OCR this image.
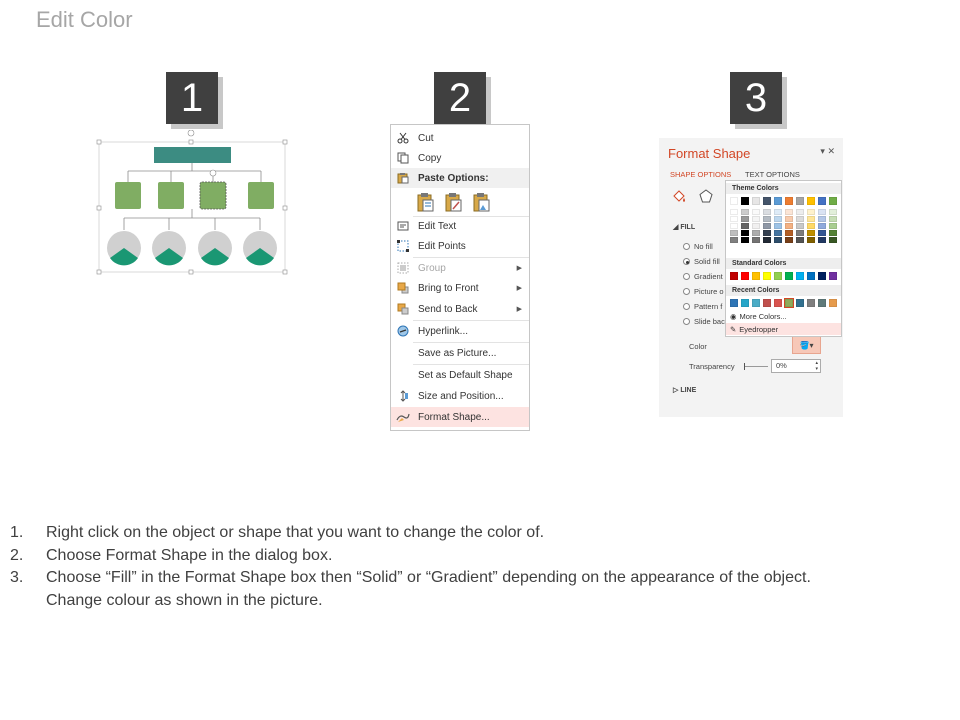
Edit Color
1	2	3
Cut
Copy
Paste Options:
Edit Text
Edit Points
Group	▶
Bring to Front	▶
Send to Back	▶
Hyperlink...
Save as Picture...
Set as Default Shape
Size and Position...
Format Shape...
Format Shape	▾ ✕
SHAPE OPTIONS TEXT OPTIONS
◢ FILL
No fill
Solid fill
Gradient
Picture o
Pattern f
Slide bac
Color	🪣 ▾
Transparency	0%	▴
▾
▷ LINE
Theme Colors
Standard Colors
Recent Colors
◉ More Colors...
✎ Eyedropper
1. Right click on the object or shape that you want to change the color of.
2. Choose Format Shape in the dialog box.
3. Choose “Fill” in the Format Shape box then “Solid” or “Gradient” depending on the appearance of the object.
Change colour as shown in the picture.
